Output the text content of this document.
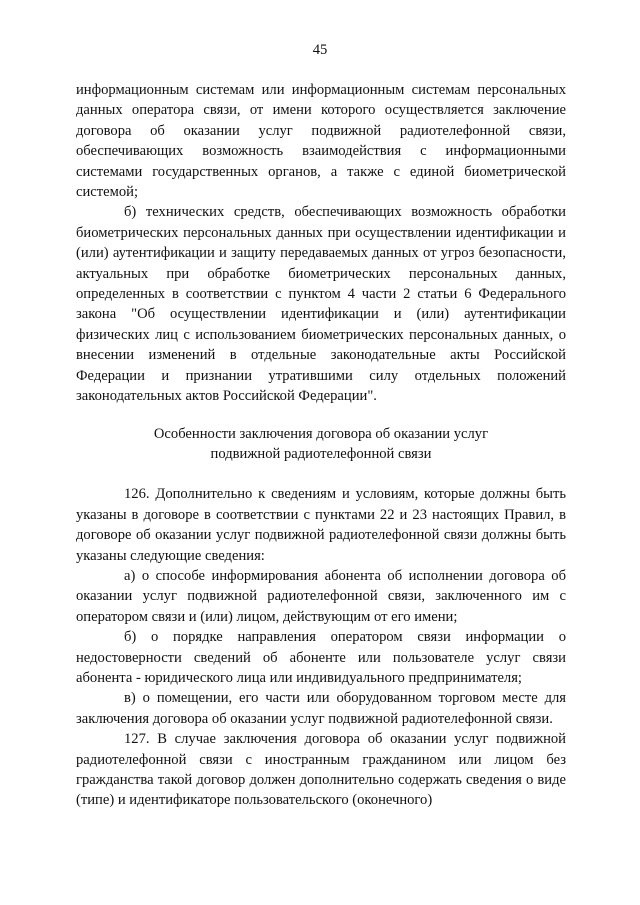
45

информационным системам или информационным системам персональных данных оператора связи, от имени которого осуществляется заключение договора об оказании услуг подвижной радиотелефонной связи, обеспечивающих возможность взаимодействия с информационными системами государственных органов, а также с единой биометрической системой;

б) технических средств, обеспечивающих возможность обработки биометрических персональных данных при осуществлении идентификации и (или) аутентификации и защиту передаваемых данных от угроз безопасности, актуальных при обработке биометрических персональных данных, определенных в соответствии с пунктом 4 части 2 статьи 6 Федерального закона "Об осуществлении идентификации и (или) аутентификации физических лиц с использованием биометрических персональных данных, о внесении изменений в отдельные законодательные акты Российской Федерации и признании утратившими силу отдельных положений законодательных актов Российской Федерации".

Особенности заключения договора об оказании услуг
подвижной радиотелефонной связи

126. Дополнительно к сведениям и условиям, которые должны быть указаны в договоре в соответствии с пунктами 22 и 23 настоящих Правил, в договоре об оказании услуг подвижной радиотелефонной связи должны быть указаны следующие сведения:

а) о способе информирования абонента об исполнении договора об оказании услуг подвижной радиотелефонной связи, заключенного им с оператором связи и (или) лицом, действующим от его имени;

б) о порядке направления оператором связи информации о недостоверности сведений об абоненте или пользователе услуг связи абонента - юридического лица или индивидуального предпринимателя;

в) о помещении, его части или оборудованном торговом месте для заключения договора об оказании услуг подвижной радиотелефонной связи.

127. В случае заключения договора об оказании услуг подвижной радиотелефонной связи с иностранным гражданином или лицом без гражданства такой договор должен дополнительно содержать сведения о виде (типе) и идентификаторе пользовательского (оконечного)
